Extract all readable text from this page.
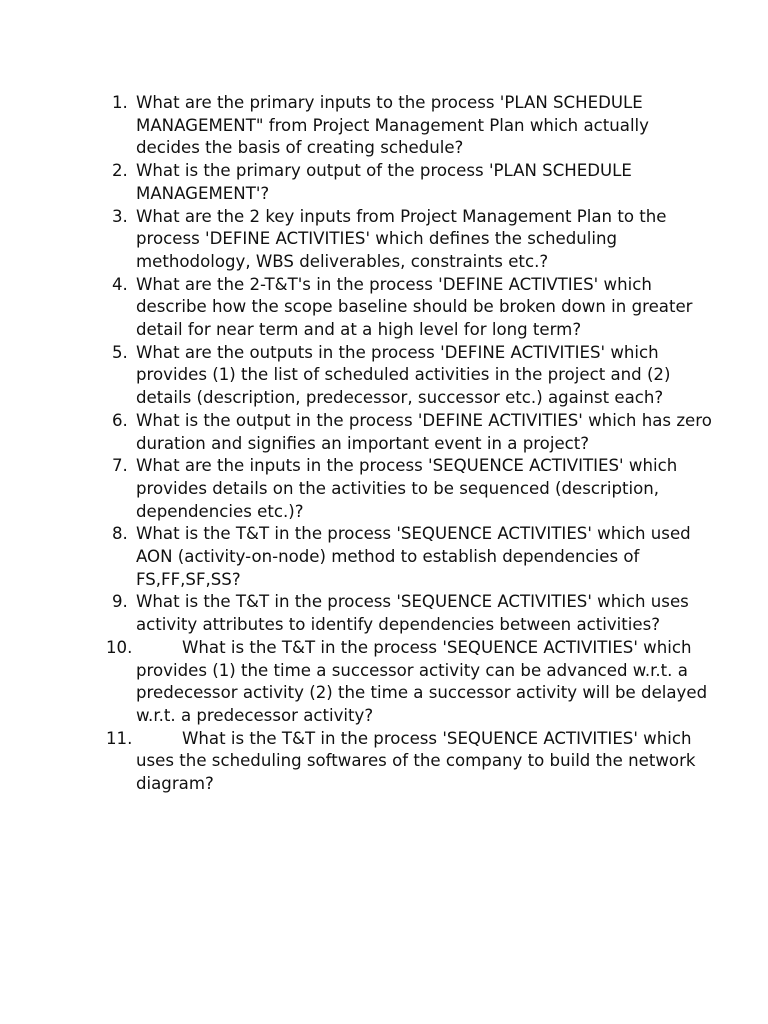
1. What are the primary inputs to the process 'PLAN SCHEDULE MANAGEMENT" from Project Management Plan which actually decides the basis of creating schedule?
2. What is the primary output of the process 'PLAN SCHEDULE MANAGEMENT'?
3. What are the 2 key inputs from Project Management Plan to the process 'DEFINE ACTIVITIES' which defines the scheduling methodology, WBS deliverables, constraints etc.?
4. What are the 2-T&T's in the process 'DEFINE ACTIVTIES' which describe how the scope baseline should be broken down in greater detail for near term and at a high level for long term?
5. What are the outputs in the process 'DEFINE ACTIVITIES' which provides (1) the list of scheduled activities in the project and (2) details (description, predecessor, successor etc.) against each?
6. What is the output in the process 'DEFINE ACTIVITIES' which has zero duration and signifies an important event in a project?
7. What are the inputs in the process 'SEQUENCE ACTIVITIES' which provides details on the activities to be sequenced (description, dependencies etc.)?
8. What is the T&T in the process 'SEQUENCE ACTIVITIES' which used AON (activity-on-node) method to establish dependencies of FS,FF,SF,SS?
9. What is the T&T in the process 'SEQUENCE ACTIVITIES' which uses activity attributes to identify dependencies between activities?
10.	What is the T&T in the process 'SEQUENCE ACTIVITIES' which provides (1) the time a successor activity can be advanced w.r.t. a predecessor activity (2) the time a successor activity will be delayed w.r.t. a predecessor activity?
11.	What is the T&T in the process 'SEQUENCE ACTIVITIES' which uses the scheduling softwares of the company to build the network diagram?
